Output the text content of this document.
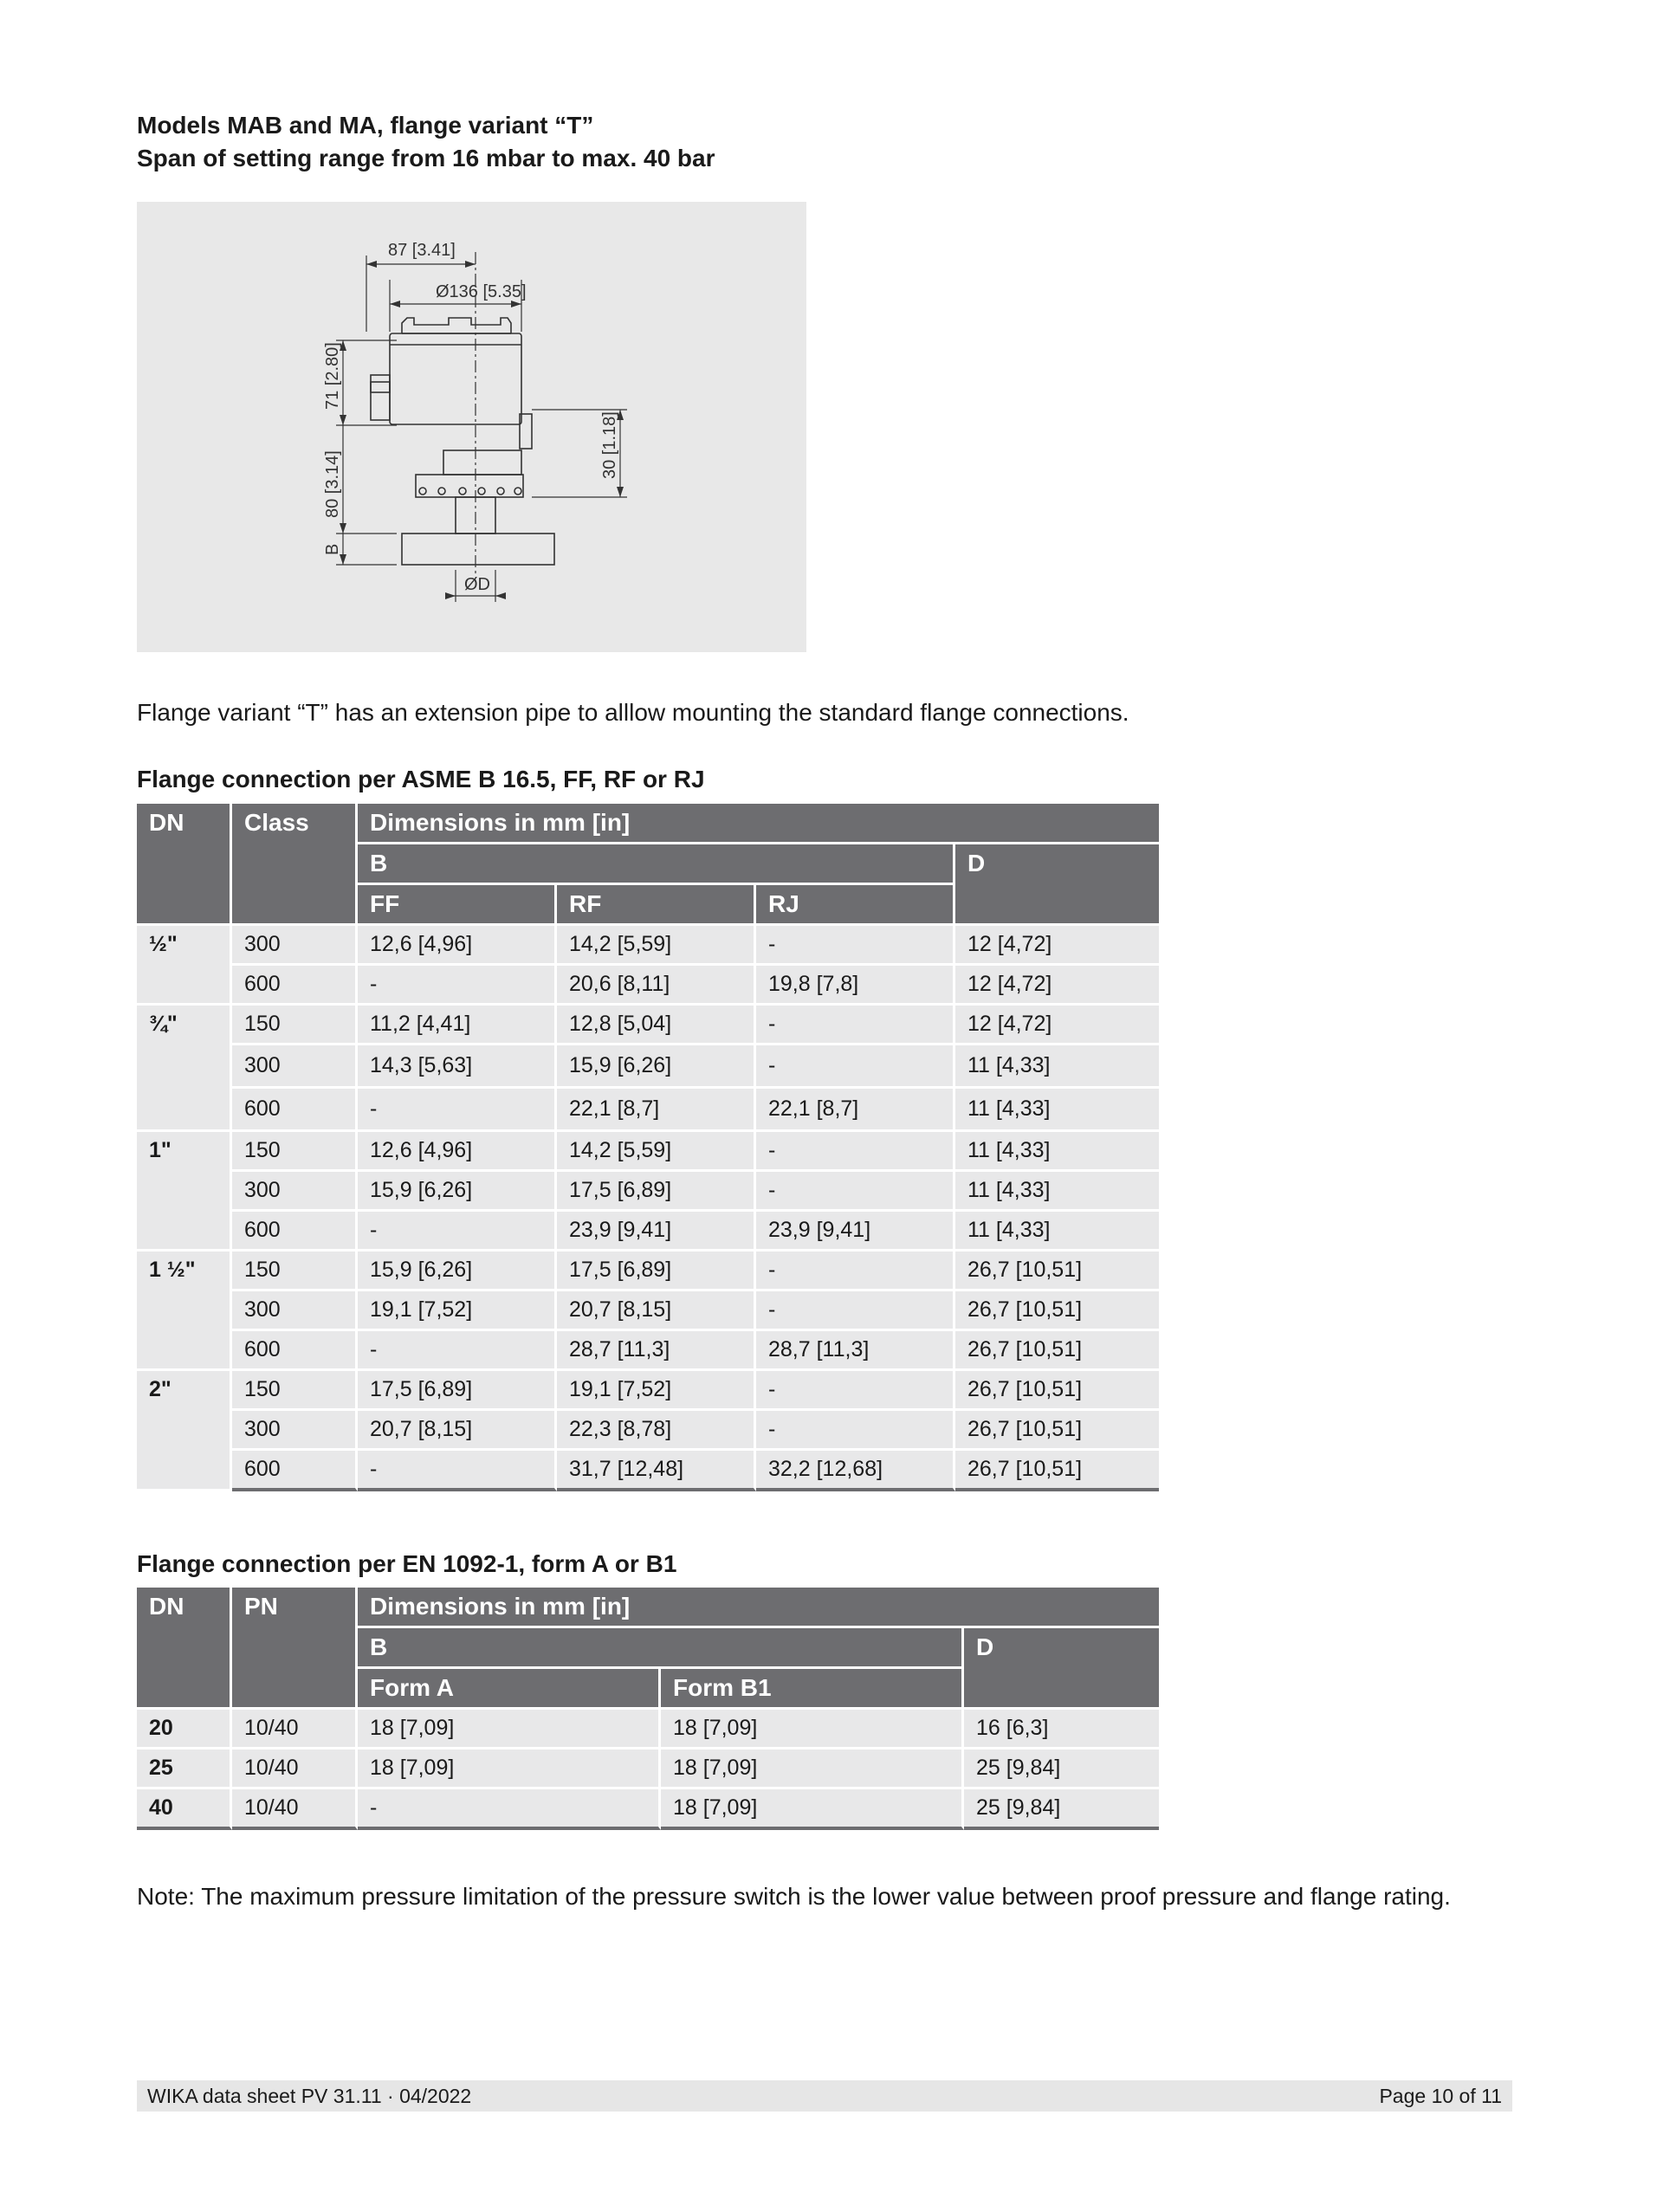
Models MAB and MA, flange variant “T”
Span of setting range from 16 mbar to max. 40 bar
87 [3.41]
Ø136 [5.35]
71 [2.80]
80 [3.14]
B
30 [1.18]
ØD
Flange variant “T” has an extension pipe to alllow mounting the standard flange connections.
Flange connection per ASME B 16.5, FF, RF or RJ
DN	Class	Dimensions in mm [in]			
		B			D
		FF	RF	RJ	
½"	300	12,6 [4,96]	14,2 [5,59]	-	12 [4,72]
	600	-	20,6 [8,11]	19,8 [7,8]	12 [4,72]
¾"	150	11,2 [4,41]	12,8 [5,04]	-	12 [4,72]
	300	14,3 [5,63]	15,9 [6,26]	-	11 [4,33]
	600	-	22,1 [8,7]	22,1 [8,7]	11 [4,33]
1"	150	12,6 [4,96]	14,2 [5,59]	-	11 [4,33]
	300	15,9 [6,26]	17,5 [6,89]	-	11 [4,33]
	600	-	23,9 [9,41]	23,9 [9,41]	11 [4,33]
1 ½"	150	15,9 [6,26]	17,5 [6,89]	-	26,7 [10,51]
	300	19,1 [7,52]	20,7 [8,15]	-	26,7 [10,51]
	600	-	28,7 [11,3]	28,7 [11,3]	26,7 [10,51]
2"	150	17,5 [6,89]	19,1 [7,52]	-	26,7 [10,51]
	300	20,7 [8,15]	22,3 [8,78]	-	26,7 [10,51]
	600	-	31,7 [12,48]	32,2 [12,68]	26,7 [10,51]
Flange connection per EN 1092-1, form A or B1
DN	PN	Dimensions in mm [in]		
		B		D
		Form A	Form B1	
20	10/40	18 [7,09]	18 [7,09]	16 [6,3]
25	10/40	18 [7,09]	18 [7,09]	25 [9,84]
40	10/40	-	18 [7,09]	25 [9,84]
Note: The maximum pressure limitation of the pressure switch is the lower value between proof pressure and flange rating.
WIKA data sheet PV 31.11 · 04/2022	Page 10 of 11
